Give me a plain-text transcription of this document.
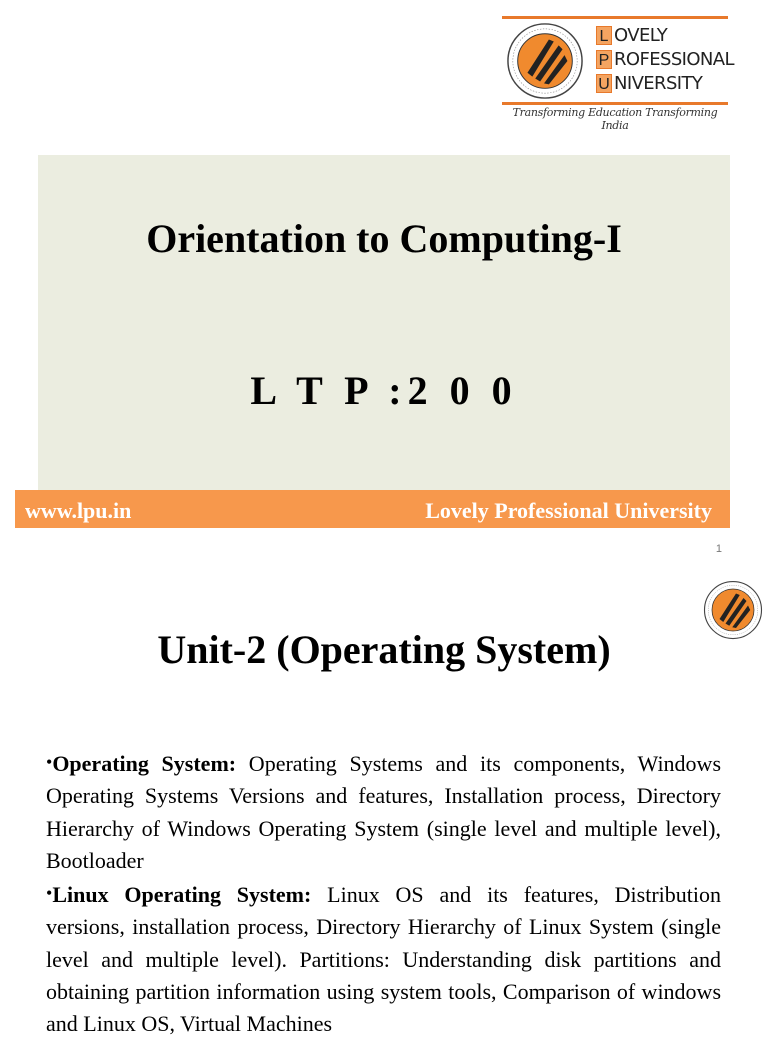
L OVELY
P ROFESSIONAL
U NIVERSITY
Transforming Education Transforming India
Orientation to Computing-I
L T P :2 0 0
www.lpu.in	Lovely Professional University
1
Unit-2 (Operating System)

•Operating System: Operating Systems and its components, Windows Operating Systems Versions and features, Installation process, Directory Hierarchy of Windows Operating System (single level and multiple level), Bootloader

•Linux Operating System: Linux OS and its features, Distribution versions, installation process, Directory Hierarchy of Linux System (single level and multiple level). Partitions: Understanding disk partitions and obtaining partition information using system tools, Comparison of windows and Linux OS, Virtual Machines
